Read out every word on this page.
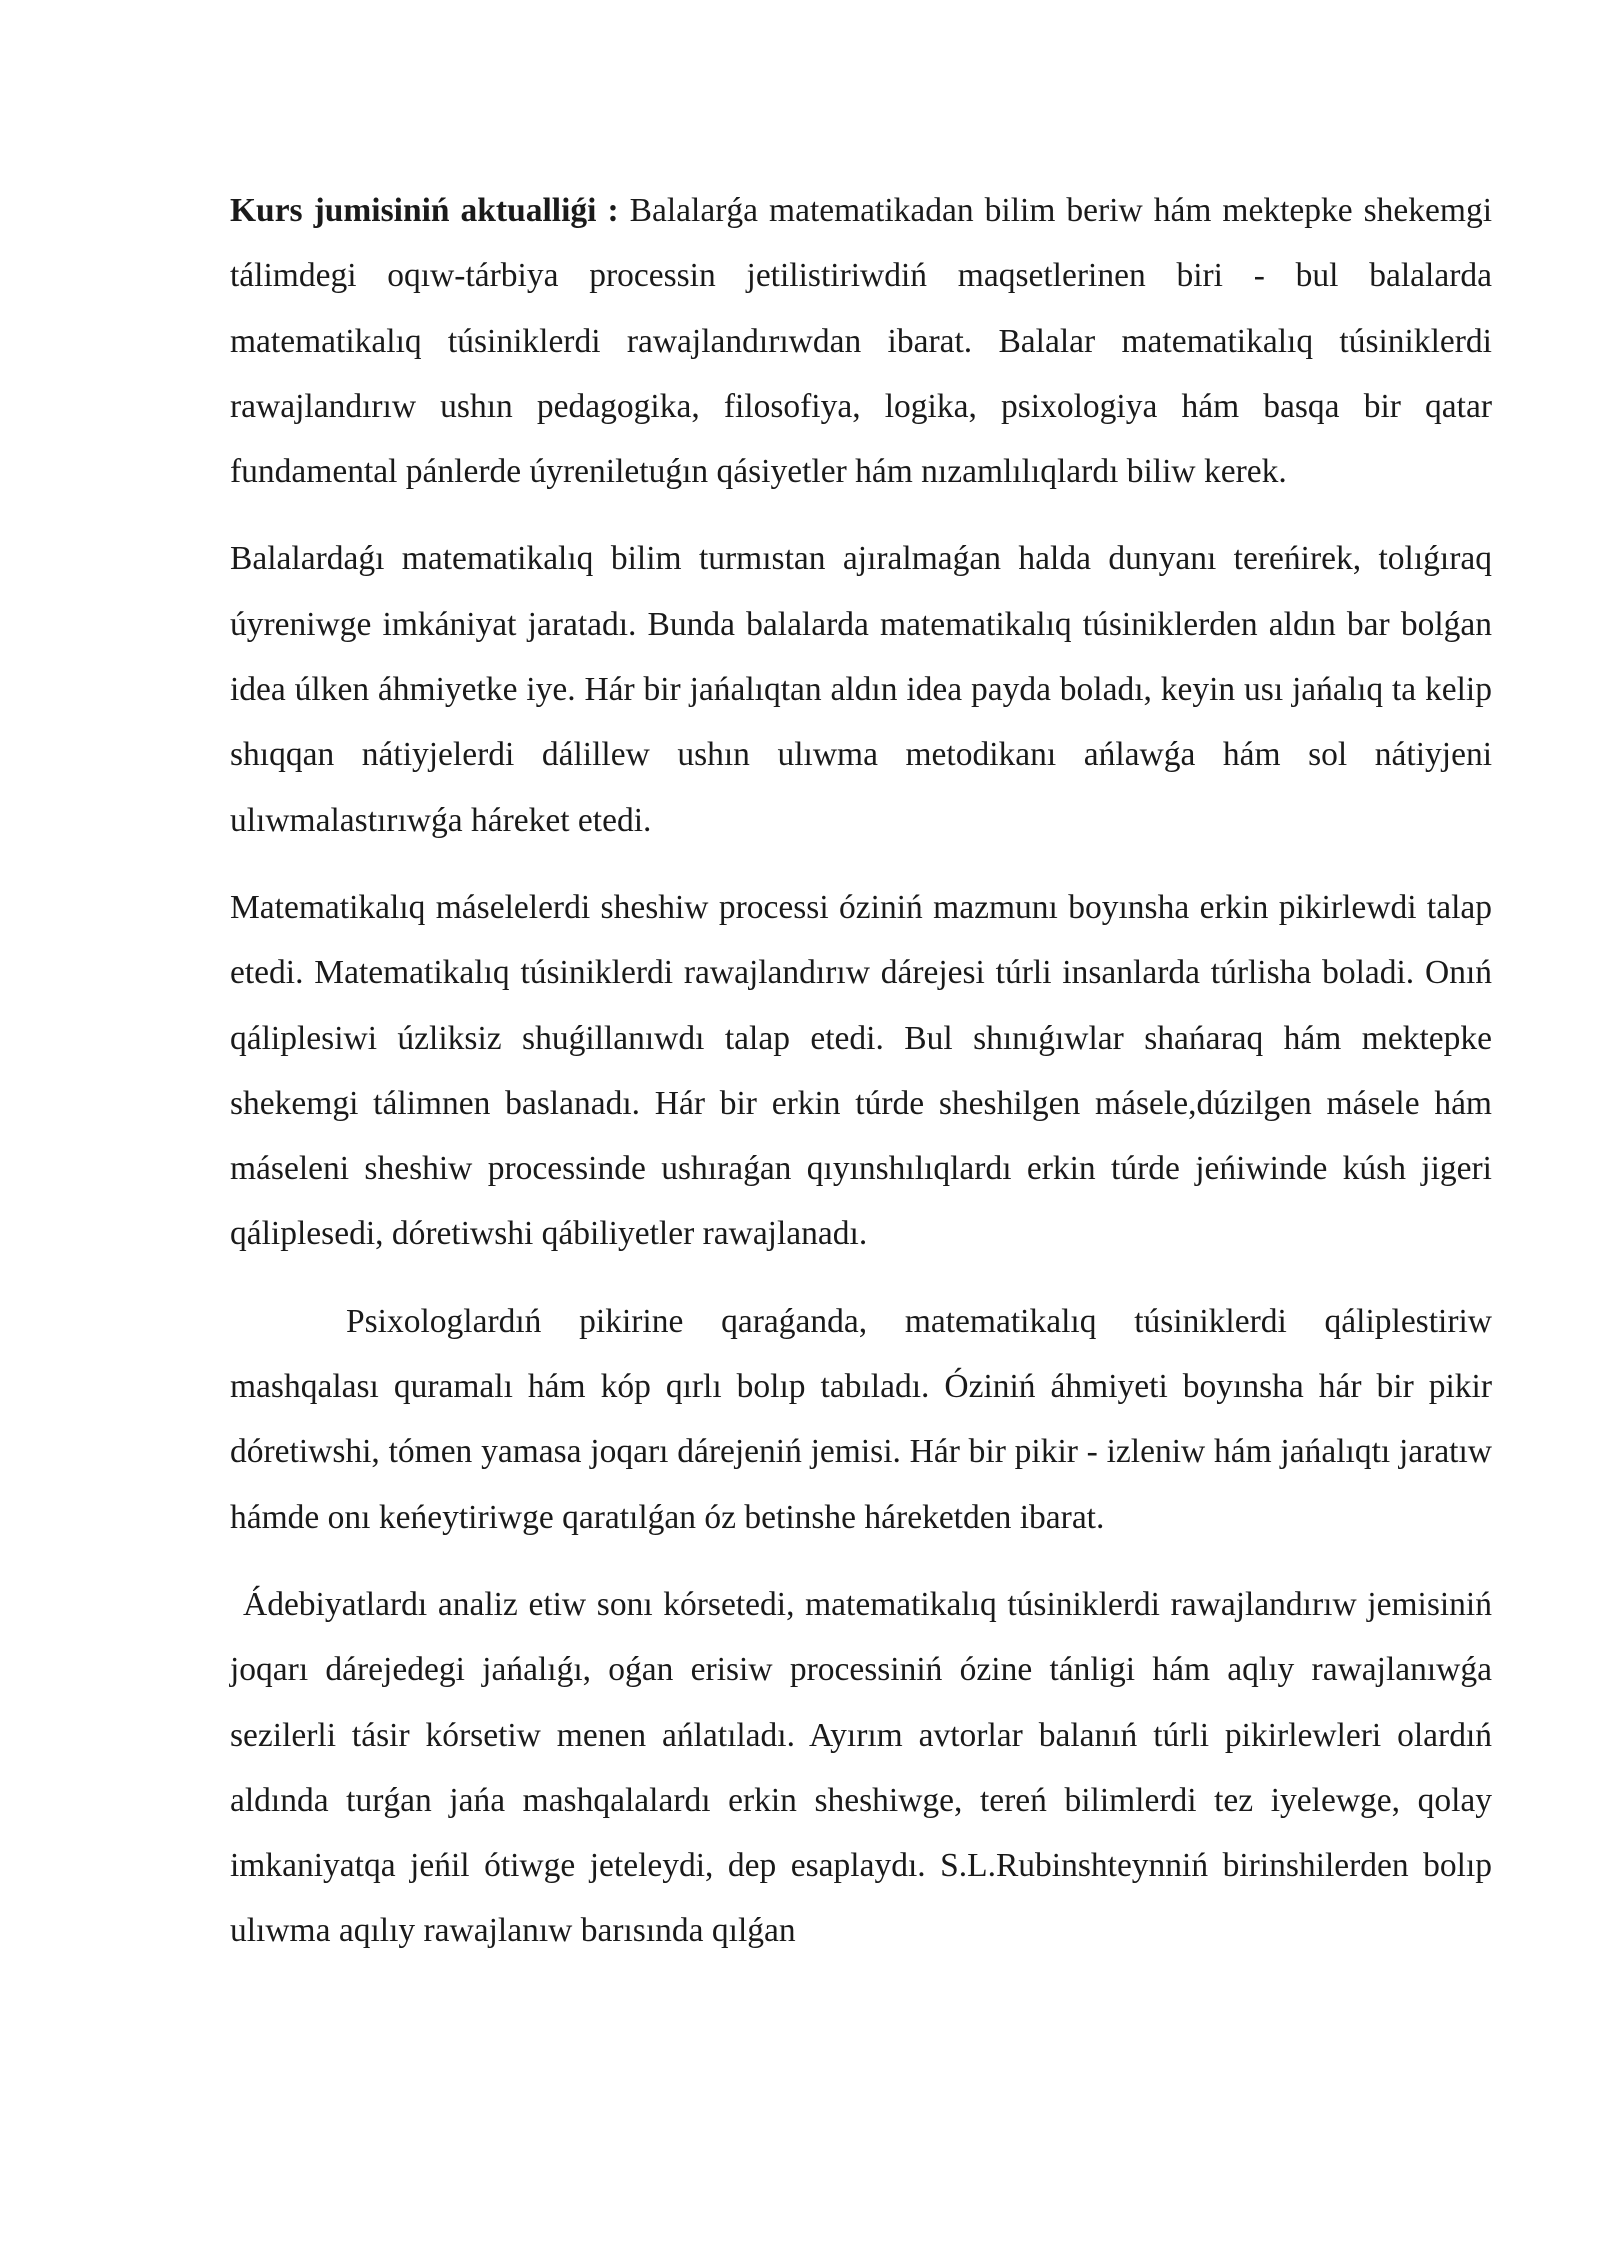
Kurs jumisiniń aktualliǵi : Balalarǵa matematikadan bilim beriw hám mektepke shekemgi tálimdegi oqıw-tárbiya processin jetilistiriwdiń maqsetlerinen biri - bul balalarda matematikalıq túsiniklerdi rawajlandırıwdan ibarat. Balalar matematikalıq túsiniklerdi rawajlandırıw ushın pedagogika, filosofiya, logika, psixologiya hám basqa bir qatar fundamental pánlerde úyreniletuǵın qásiyetler hám nızamlılıqlardı biliw kerek.

Balalardaǵı matematikalıq bilim turmıstan ajıralmaǵan halda dunyanı tereńirek, tolıǵıraq úyreniwge imkániyat jaratadı. Bunda balalarda matematikalıq túsiniklerden aldın bar bolǵan idea úlken áhmiyetke iye. Hár bir jańalıqtan aldın idea payda boladı, keyin usı jańalıq ta kelip shıqqan nátiyjelerdi dálillew ushın ulıwma metodikanı ańlawǵa hám sol nátiyjeni ulıwmalastırıwǵa háreket etedi.

Matematikalıq máselelerdi sheshiw processi óziniń mazmunı boyınsha erkin pikirlewdi talap etedi. Matematikalıq túsiniklerdi rawajlandırıw dárejesi túrli insanlarda túrlisha boladi. Onıń qáliplesiwi úzliksiz shuǵillanıwdı talap etedi. Bul shınıǵıwlar shańaraq hám mektepke shekemgi tálimnen baslanadı. Hár bir erkin túrde sheshilgen másele,dúzilgen másele hám máseleni sheshiw processinde ushıraǵan qıyınshılıqlardı erkin túrde jeńiwinde kúsh jigeri qáliplesedi, dóretiwshi qábiliyetler rawajlanadı.

Psixologlardıń pikirine qaraǵanda, matematikalıq túsiniklerdi qáliplestiriw mashqalası quramalı hám kóp qırlı bolıp tabıladı. Óziniń áhmiyeti boyınsha hár bir pikir dóretiwshi, tómen yamasa joqarı dárejeniń jemisi. Hár bir pikir - izleniw hám jańalıqtı jaratıw hámde onı keńeytiriwge qaratılǵan óz betinshe háreketden ibarat.

Ádebiyatlardı analiz etiw sonı kórsetedi, matematikalıq túsiniklerdi rawajlandırıw jemisiniń joqarı dárejedegi jańalıǵı, oǵan erisiw processiniń ózine tánligi hám aqlıy rawajlanıwǵa sezilerli tásir kórsetiw menen ańlatıladı. Ayırım avtorlar balanıń túrli pikirlewleri olardıń aldında turǵan jańa mashqalalardı erkin sheshiwge, tereń bilimlerdi tez iyelewge, qolay imkaniyatqa jeńil ótiwge jeteleydi, dep esaplaydı. S.L.Rubinshteynniń birinshilerden bolıp ulıwma aqılıy rawajlanıw barısında qılǵan
